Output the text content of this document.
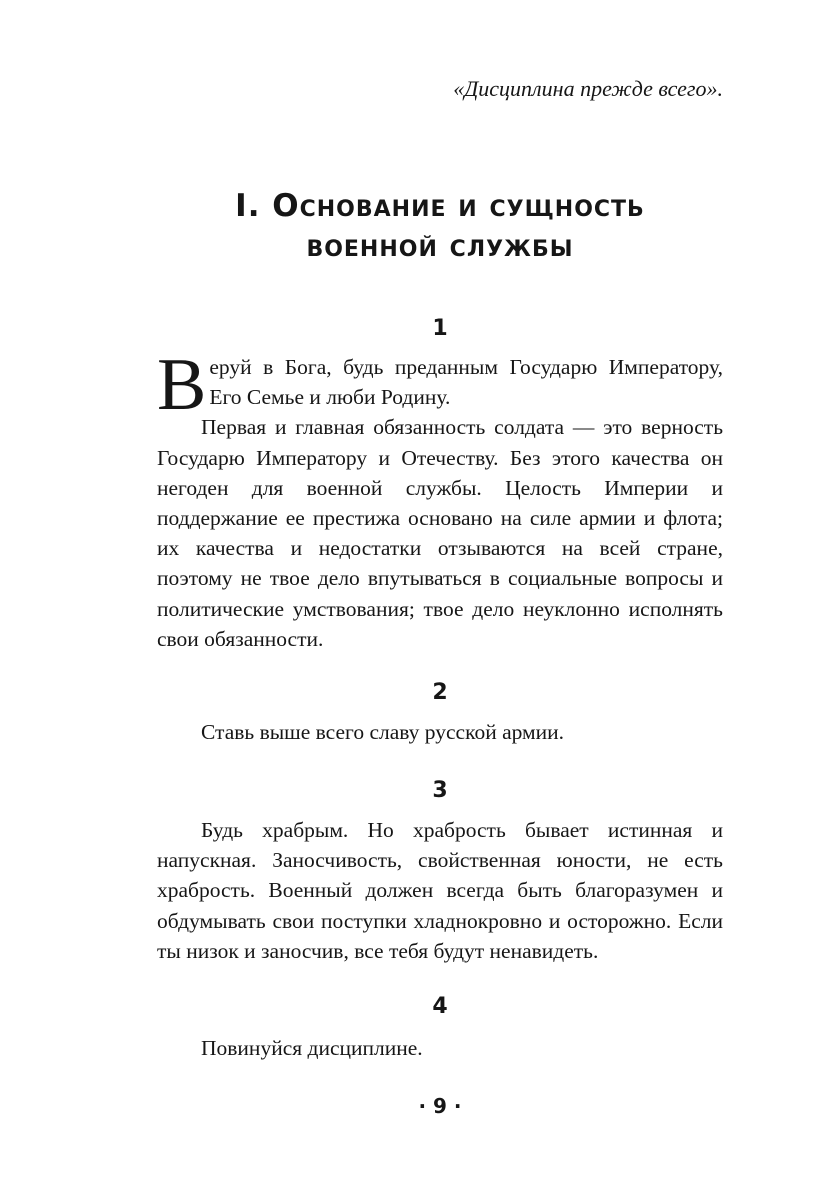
«Дисциплина прежде всего».
I. Основание и сущность
военной службы
1

Веруй в Бога, будь преданным Государю Императору, Его Семье и люби Родину.

Первая и главная обязанность солдата — это верность Государю Императору и Отечеству. Без этого качества он негоден для военной службы. Целость Империи и поддержание ее престижа основано на силе армии и флота; их качества и недостатки отзываются на всей стране, поэтому не твое дело впутываться в социальные вопросы и политические умствования; твое дело неуклонно исполнять свои обязанности.

2

Ставь выше всего славу русской армии.

3

Будь храбрым. Но храбрость бывает истинная и напускная. Заносчивость, свойственная юности, не есть храбрость. Военный должен всегда быть благоразумен и обдумывать свои поступки хладнокровно и осторожно. Если ты низок и заносчив, все тебя будут ненавидеть.

4

Повинуйся дисциплине.

· 9 ·
